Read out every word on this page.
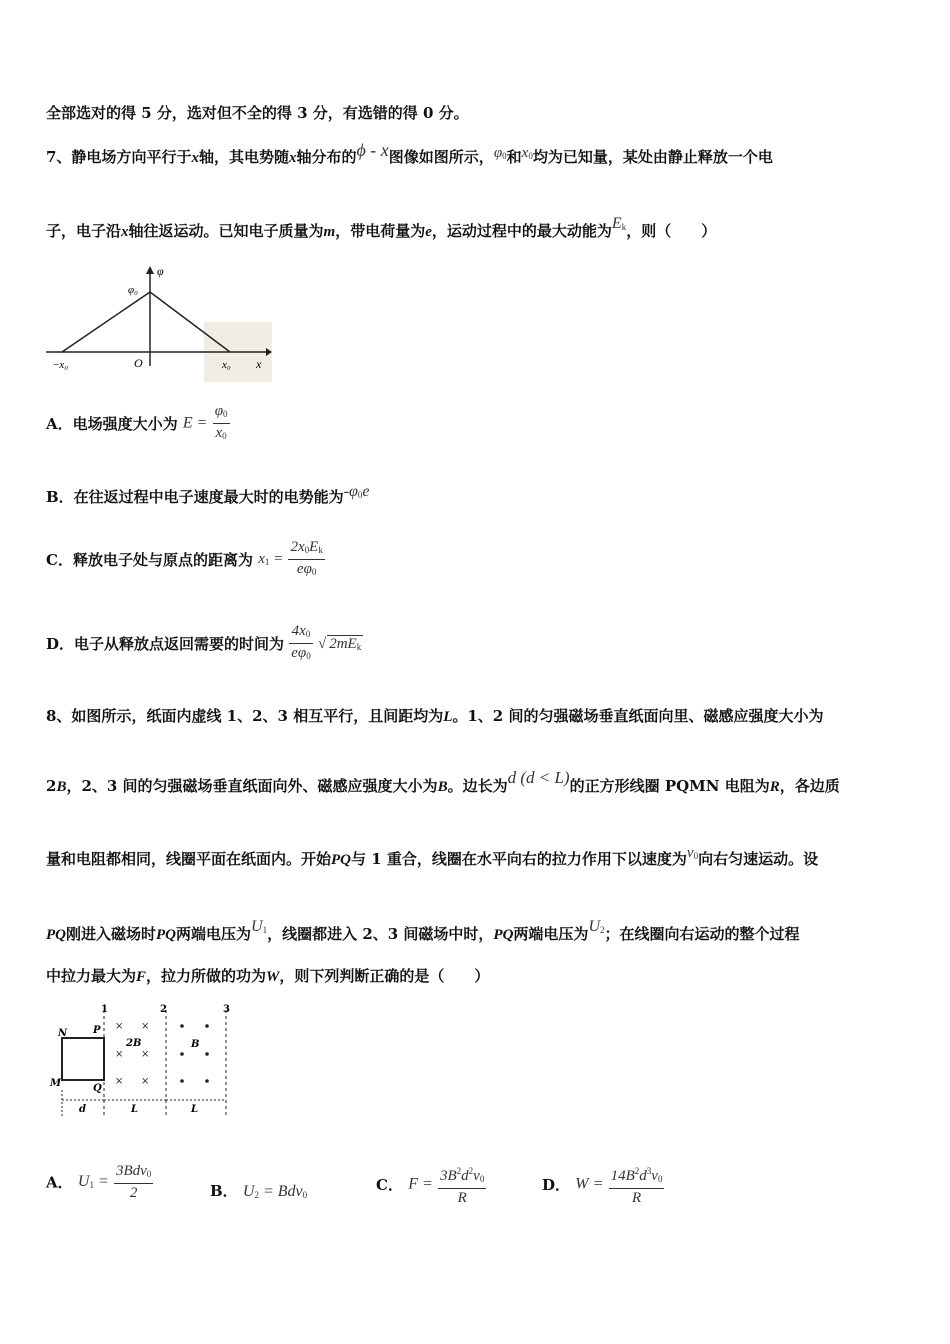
全部选对的得 5 分，选对但不全的得 3 分，有选错的得 0 分。
7、静电场方向平行于x轴，其电势随x轴分布的ϕ - x图像如图所示，$\varphi_0$和$x_0$均为已知量，某处由静止释放一个电
子，电子沿x轴往返运动。已知电子质量为m，带电荷量为e，运动过程中的最大动能为$E_k$，则（　　）
φ
φ₀
O
−x₀	x₀ x
A．电场强度大小为 $E = \frac{\varphi_0}{x_0}$
B．在往返过程中电子速度最大时的电势能为$-\varphi_0e$
C．释放电子处与原点的距离为 $x_1 = \frac{2x_0E_k}{e\varphi_0}$
D．电子从释放点返回需要的时间为 $\frac{4x_0}{e\varphi_0}$ √ $2mE_k$
8、如图所示，纸面内虚线 1、2、3 相互平行，且间距均为L。1、2 间的匀强磁场垂直纸面向里、磁感应强度大小为
2B，2、3 间的匀强磁场垂直纸面向外、磁感应强度大小为B。边长为d (d < L)的正方形线圈 PQMN 电阻为R，各边质
量和电阻都相同，线圈平面在纸面内。开始PQ与 1 重合，线圈在水平向右的拉力作用下以速度为$v_0$向右匀速运动。设
PQ刚进入磁场时PQ两端电压为$U_1$，线圈都进入 2、3 间磁场中时，PQ两端电压为$U_2$；在线圈向右运动的整个过程
中拉力最大为F，拉力所做的功为W，则下列判断正确的是（　　）
1	2	3
N	P
M	Q
× ×
× ×
× ×
2B	B
d	L	L
A． $U_1 = \frac{3Bdv_0}{2}$	B． $U_2 = Bdv_0$
C． $F = \frac{3B^2d^2v_0}{R}$	D． $W = \frac{14B^2d^3v_0}{R}$
